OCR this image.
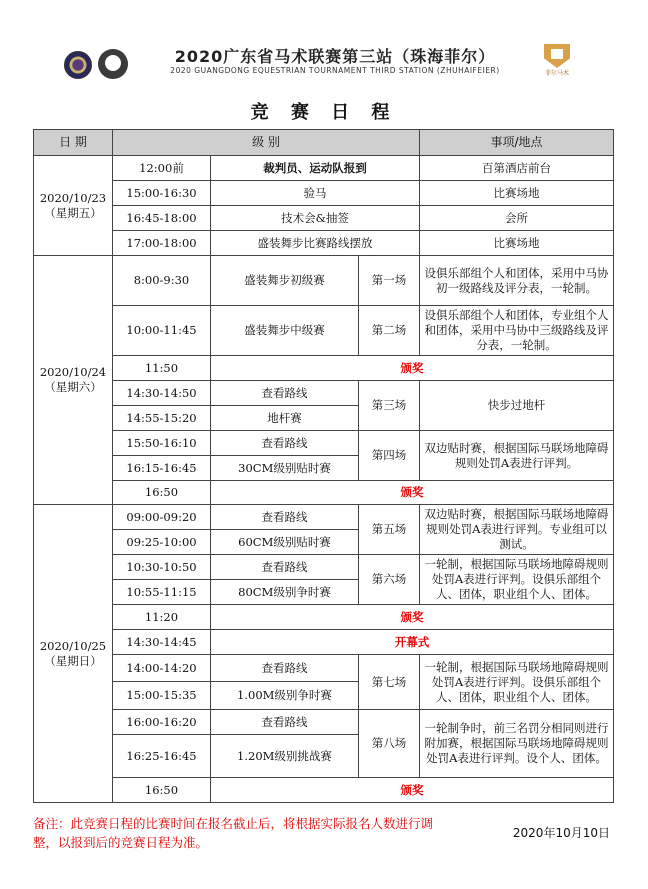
2020广东省马术联赛第三站（珠海菲尔）
2020 GUANGDONG EQUESTRIAN TOURNAMENT THIRD STATION (ZHUHAIFEIER)	菲尔马术
竞 赛 日 程
日 期	级 别			事项/地点
2020/10/23
（星期五）	12:00前	裁判员、运动队报到		百第酒店前台
	15:00-16:30	验马		比赛场地
	16:45-18:00	技术会&抽签		会所
	17:00-18:00	盛装舞步比赛路线摆放		比赛场地
2020/10/24
（星期六）	8:00-9:30	盛装舞步初级赛	第一场	设俱乐部组个人和团体，采用中马协初一级路线及评分表，一轮制。

	10:00-11:45	盛装舞步中级赛	第二场	设俱乐部组个人和团体，专业组个人和团体，采用中马协中三级路线及评分表，一轮制。

	11:50	颁奖		
	14:30-14:50	查看路线	第三场	快步过地杆
	14:55-15:20	地杆赛		
	15:50-16:10	查看路线	第四场	双边贴时赛，根据国际马联场地障碍规则处罚A表进行评判。

	16:15-16:45	30CM级别贴时赛		
	16:50	颁奖		
2020/10/25
（星期日）	09:00-09:20	查看路线	第五场	双边贴时赛，根据国际马联场地障碍规则处罚A表进行评判。专业组可以测试。

	09:25-10:00	60CM级别贴时赛		
	10:30-10:50	查看路线	第六场	一轮制，根据国际马联场地障碍规则处罚A表进行评判。设俱乐部组个人、团体，职业组个人、团体。

	10:55-11:15	80CM级别争时赛		
	11:20	颁奖		
	14:30-14:45	开幕式		
	14:00-14:20	查看路线	第七场	一轮制，根据国际马联场地障碍规则处罚A表进行评判。设俱乐部组个人、团体，职业组个人、团体。

	15:00-15:35	1.00M级别争时赛		
	16:00-16:20	查看路线	第八场	一轮制争时，前三名罚分相同则进行附加赛，根据国际马联场地障碍规则处罚A表进行评判。设个人、团体。

	16:25-16:45	1.20M级别挑战赛		
	16:50	颁奖		
备注：此竞赛日程的比赛时间在报名截止后，将根据实际报名人数进行调整，以报到后的竞赛日程为准。
2020年10月10日
